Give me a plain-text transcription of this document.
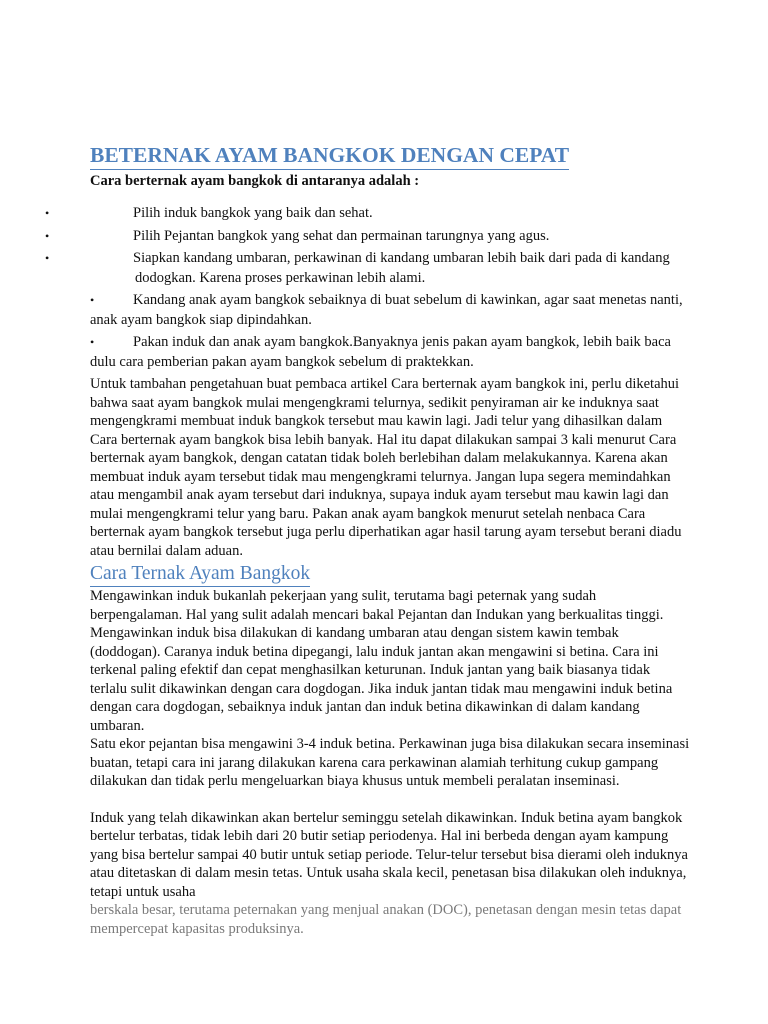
BETERNAK AYAM BANGKOK DENGAN CEPAT

Cara berternak ayam bangkok di antaranya adalah :

•	Pilih induk bangkok yang baik dan sehat.
•	Pilih Pejantan bangkok yang sehat dan permainan tarungnya yang agus.
•	Siapkan kandang umbaran, perkawinan di kandang umbaran lebih baik dari pada di kandang dodogkan. Karena proses perkawinan lebih alami.
•	Kandang anak ayam bangkok sebaiknya di buat sebelum di kawinkan, agar saat menetas nanti, anak ayam bangkok siap dipindahkan.
•	Pakan induk dan anak ayam bangkok.Banyaknya jenis pakan ayam bangkok, lebih baik baca dulu cara pemberian pakan ayam bangkok sebelum di praktekkan.

Untuk tambahan pengetahuan buat pembaca artikel Cara berternak ayam bangkok ini, perlu diketahui bahwa saat ayam bangkok mulai mengengkrami telurnya, sedikit penyiraman air ke induknya saat mengengkrami membuat induk bangkok tersebut mau kawin lagi. Jadi telur yang dihasilkan dalam Cara berternak ayam bangkok bisa lebih banyak. Hal itu dapat dilakukan sampai 3 kali menurut Cara berternak ayam bangkok, dengan catatan tidak boleh berlebihan dalam melakukannya. Karena akan membuat induk ayam tersebut tidak mau mengengkrami telurnya. Jangan lupa segera memindahkan atau mengambil anak ayam tersebut dari induknya, supaya induk ayam tersebut mau kawin lagi dan mulai mengengkrami telur yang baru. Pakan anak ayam bangkok menurut setelah nenbaca Cara berternak ayam bangkok tersebut juga perlu diperhatikan agar hasil tarung ayam tersebut berani diadu atau bernilai dalam aduan.

Cara Ternak Ayam Bangkok

Mengawinkan induk bukanlah pekerjaan yang sulit, terutama bagi peternak yang sudah berpengalaman. Hal yang sulit adalah mencari bakal Pejantan dan Indukan yang berkualitas tinggi. Mengawinkan induk bisa dilakukan di kandang umbaran atau dengan sistem kawin tembak (doddogan). Caranya induk betina dipegangi, lalu induk jantan akan mengawini si betina. Cara ini terkenal paling efektif dan cepat menghasilkan keturunan. Induk jantan yang baik biasanya tidak terlalu sulit dikawinkan dengan cara dogdogan. Jika induk jantan tidak mau mengawini induk betina dengan cara dogdogan, sebaiknya induk jantan dan induk betina dikawinkan di dalam kandang umbaran.

Satu ekor pejantan bisa mengawini 3-4 induk betina. Perkawinan juga bisa dilakukan secara inseminasi buatan, tetapi cara ini jarang dilakukan karena cara perkawinan alamiah terhitung cukup gampang dilakukan dan tidak perlu mengeluarkan biaya khusus untuk membeli peralatan inseminasi.

Induk yang telah dikawinkan akan bertelur seminggu setelah dikawinkan. Induk betina ayam bangkok bertelur terbatas, tidak lebih dari 20 butir setiap periodenya. Hal ini berbeda dengan ayam kampung yang bisa bertelur sampai 40 butir untuk setiap periode. Telur-telur tersebut bisa dierami oleh induknya atau ditetaskan di dalam mesin tetas. Untuk usaha skala kecil, penetasan bisa dilakukan oleh induknya, tetapi untuk usaha

berskala besar, terutama peternakan yang menjual anakan (DOC), penetasan dengan mesin tetas dapat mempercepat kapasitas produksinya.
